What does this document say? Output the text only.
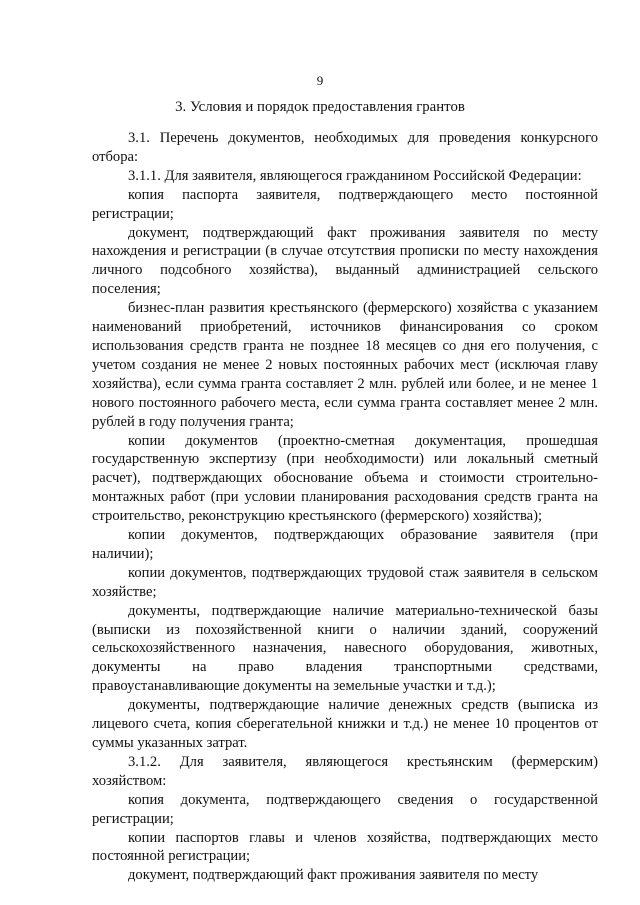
9
3. Условия и порядок предоставления грантов

3.1. Перечень документов, необходимых для проведения конкурсного отбора:

3.1.1. Для заявителя, являющегося гражданином Российской Федерации:

копия паспорта заявителя, подтверждающего место постоянной регистрации;

документ, подтверждающий факт проживания заявителя по месту нахождения и регистрации (в случае отсутствия прописки по месту нахождения личного подсобного хозяйства), выданный администрацией сельского поселения;

бизнес-план развития крестьянского (фермерского) хозяйства с указанием наименований приобретений, источников финансирования со сроком использования средств гранта не позднее 18 месяцев со дня его получения, с учетом создания не менее 2 новых постоянных рабочих мест (исключая главу хозяйства), если сумма гранта составляет 2 млн. рублей или более, и не менее 1 нового постоянного рабочего места, если сумма гранта составляет менее 2 млн. рублей в году получения гранта;

копии документов (проектно-сметная документация, прошедшая государственную экспертизу (при необходимости) или локальный сметный расчет), подтверждающих обоснование объема и стоимости строительно-монтажных работ (при условии планирования расходования средств гранта на строительство, реконструкцию крестьянского (фермерского) хозяйства);

копии документов, подтверждающих образование заявителя (при наличии);

копии документов, подтверждающих трудовой стаж заявителя в сельском хозяйстве;

документы, подтверждающие наличие материально-технической базы (выписки из похозяйственной книги о наличии зданий, сооружений сельскохозяйственного назначения, навесного оборудования, животных, документы на право владения транспортными средствами, правоустанавливающие документы на земельные участки и т.д.);

документы, подтверждающие наличие денежных средств (выписка из лицевого счета, копия сберегательной книжки и т.д.) не менее 10 процентов от суммы указанных затрат.

3.1.2. Для заявителя, являющегося крестьянским (фермерским) хозяйством:

копия документа, подтверждающего сведения о государственной регистрации;

копии паспортов главы и членов хозяйства, подтверждающих место постоянной регистрации;

документ, подтверждающий факт проживания заявителя по месту
